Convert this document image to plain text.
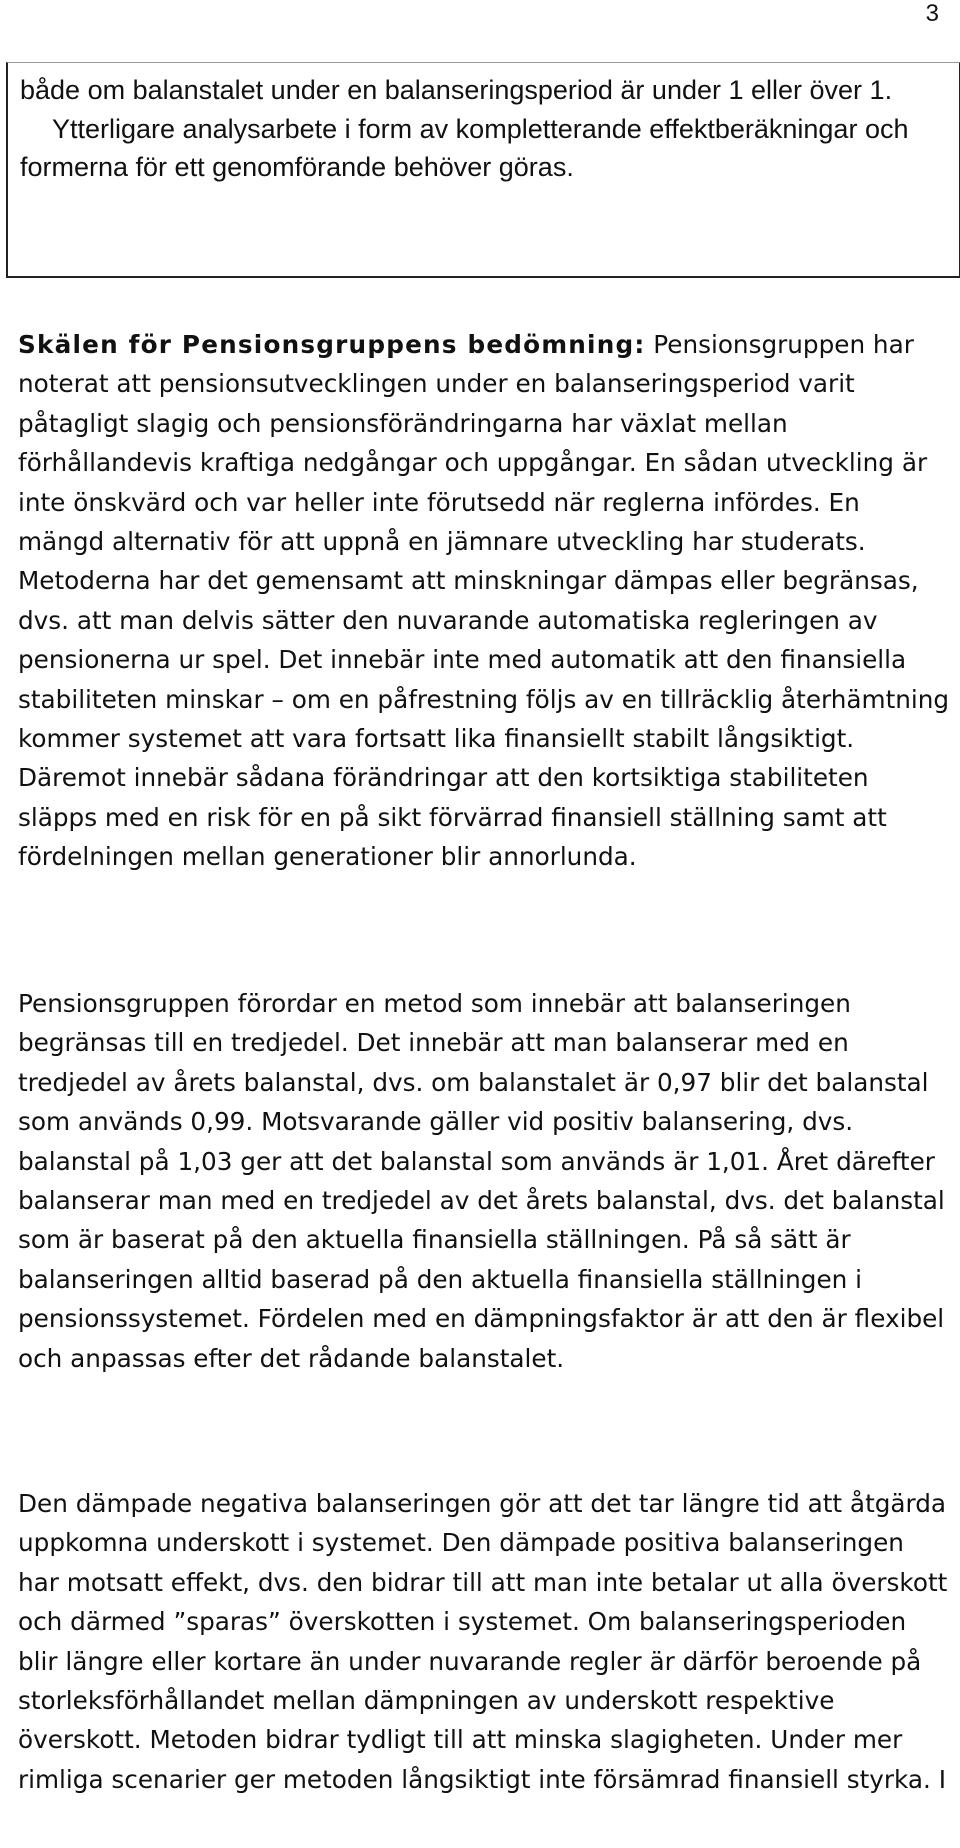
3

både om balanstalet under en balanseringsperiod är under 1 eller över 1.

Ytterligare analysarbete i form av kompletterande effektberäkningar och formerna för ett genomförande behöver göras.

Skälen för Pensionsgruppens bedömning: Pensionsgruppen har noterat att pensionsutvecklingen under en balanseringsperiod varit påtagligt slagig och pensionsförändringarna har växlat mellan förhållandevis kraftiga nedgångar och uppgångar. En sådan utveckling är inte önskvärd och var heller inte förutsedd när reglerna infördes. En mängd alternativ för att uppnå en jämnare utveckling har studerats. Metoderna har det gemensamt att minskningar dämpas eller begränsas, dvs. att man delvis sätter den nuvarande automatiska regleringen av pensionerna ur spel. Det innebär inte med automatik att den finansiella stabiliteten minskar – om en påfrestning följs av en tillräcklig återhämtning kommer systemet att vara fortsatt lika finansiellt stabilt långsiktigt. Däremot innebär sådana förändringar att den kortsiktiga stabiliteten släpps med en risk för en på sikt förvärrad finansiell ställning samt att fördelningen mellan generationer blir annorlunda.

Pensionsgruppen förordar en metod som innebär att balanseringen begränsas till en tredjedel. Det innebär att man balanserar med en tredjedel av årets balanstal, dvs. om balanstalet är 0,97 blir det balanstal som används 0,99. Motsvarande gäller vid positiv balansering, dvs. balanstal på 1,03 ger att det balanstal som används är 1,01. Året därefter balanserar man med en tredjedel av det årets balanstal, dvs. det balanstal som är baserat på den aktuella finansiella ställningen. På så sätt är balanseringen alltid baserad på den aktuella finansiella ställningen i pensionssystemet. Fördelen med en dämpningsfaktor är att den är flexibel och anpassas efter det rådande balanstalet.

Den dämpade negativa balanseringen gör att det tar längre tid att åtgärda uppkomna underskott i systemet. Den dämpade positiva balanseringen har motsatt effekt, dvs. den bidrar till att man inte betalar ut alla överskott och därmed ”sparas” överskotten i systemet. Om balanseringsperioden blir längre eller kortare än under nuvarande regler är därför beroende på storleksförhållandet mellan dämpningen av underskott respektive överskott. Metoden bidrar tydligt till att minska slagigheten. Under mer rimliga scenarier ger metoden långsiktigt inte försämrad finansiell styrka. I
